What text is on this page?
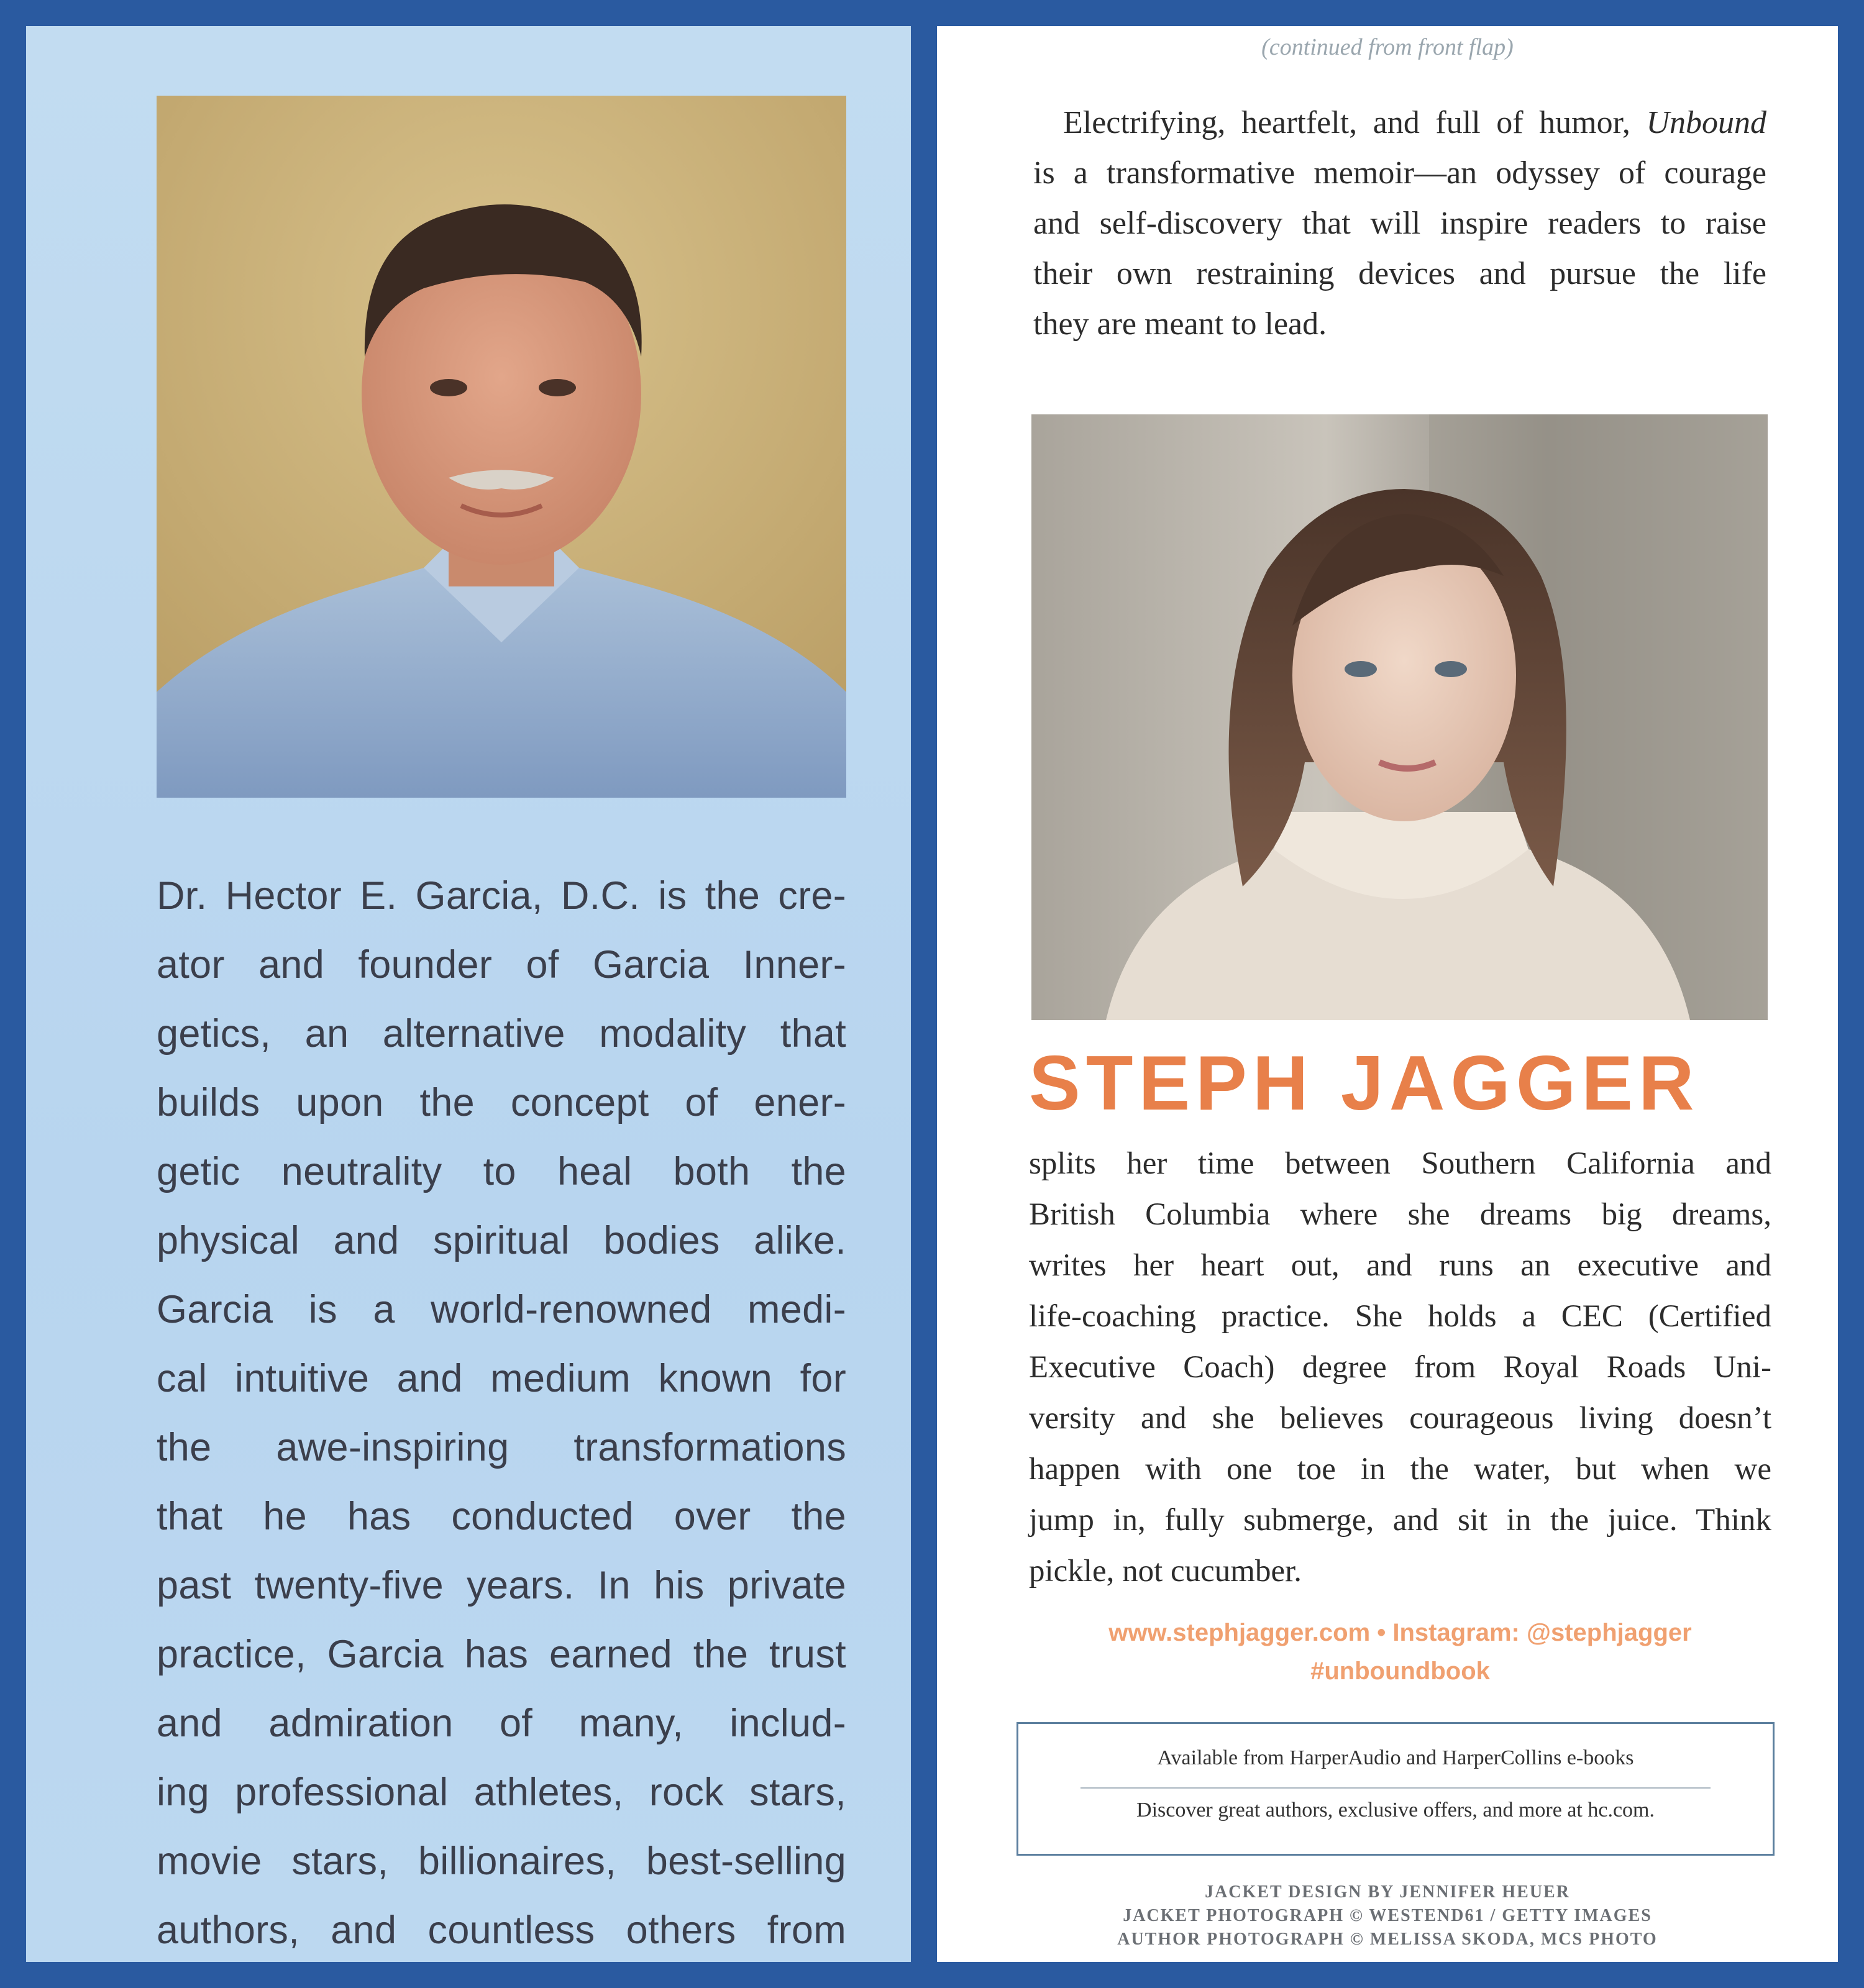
Dr. Hector E. Garcia, D.C. is the cre-
ator and founder of Garcia Inner-
getics, an alternative modality that
builds upon the concept of ener-
getic neutrality to heal both the
physical and spiritual bodies alike.
Garcia is a world-renowned medi-
cal intuitive and medium known for
the awe-inspiring transformations
that he has conducted over the
past twenty-five years. In his private
practice, Garcia has earned the trust
and admiration of many, includ-
ing professional athletes, rock stars,
movie stars, billionaires, best-selling
authors, and countless others from
(continued from front flap)
Electrifying, heartfelt, and full of humor, Unbound
is a transformative memoir—an odyssey of courage
and self-discovery that will inspire readers to raise
their own restraining devices and pursue the life
they are meant to lead.
STEPH JAGGER
splits her time between Southern California and
British Columbia where she dreams big dreams,
writes her heart out, and runs an executive and
life-coaching practice. She holds a CEC (Certified
Executive Coach) degree from Royal Roads Uni-
versity and she believes courageous living doesn’t
happen with one toe in the water, but when we
jump in, fully submerge, and sit in the juice. Think
pickle, not cucumber.
www.stephjagger.com • Instagram: @stephjagger
#unboundbook
Available from HarperAudio and HarperCollins e-books
Discover great authors, exclusive offers, and more at hc.com.
JACKET DESIGN BY JENNIFER HEUER
JACKET PHOTOGRAPH © WESTEND61 / GETTY IMAGES
AUTHOR PHOTOGRAPH © MELISSA SKODA, MCS PHOTO
